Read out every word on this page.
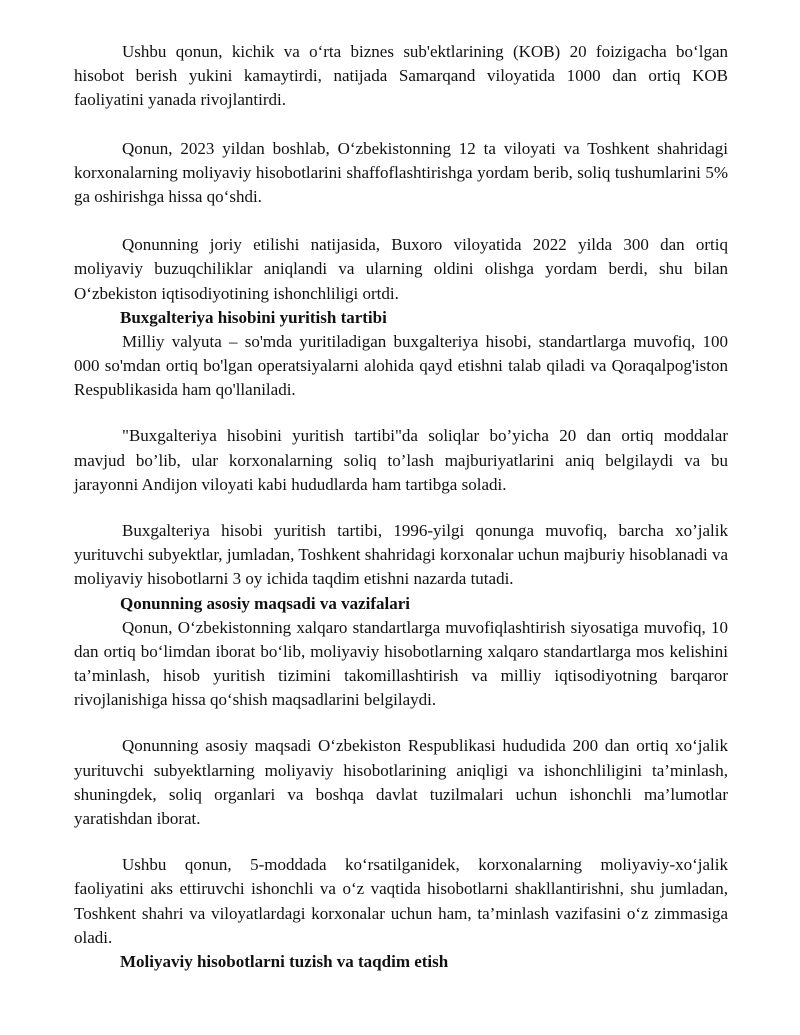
Ushbu qonun, kichik va o‘rta biznes sub'ektlarining (KOB) 20 foizigacha bo‘lgan hisobot berish yukini kamaytirdi, natijada Samarqand viloyatida 1000 dan ortiq KOB faoliyatini yanada rivojlantirdi.

Qonun, 2023 yildan boshlab, O‘zbekistonning 12 ta viloyati va Toshkent shahridagi korxonalarning moliyaviy hisobotlarini shaffoflashtirishga yordam berib, soliq tushumlarini 5% ga oshirishga hissa qo‘shdi.

Qonunning joriy etilishi natijasida, Buxoro viloyatida 2022 yilda 300 dan ortiq moliyaviy buzuqchiliklar aniqlandi va ularning oldini olishga yordam berdi, shu bilan O‘zbekiston iqtisodiyotining ishonchliligi ortdi.

Buxgalteriya hisobini yuritish tartibi

Milliy valyuta – so'mda yuritiladigan buxgalteriya hisobi, standartlarga muvofiq, 100 000 so'mdan ortiq bo'lgan operatsiyalarni alohida qayd etishni talab qiladi va Qoraqalpog'iston Respublikasida ham qo'llaniladi.

"Buxgalteriya hisobini yuritish tartibi"da soliqlar bo’yicha 20 dan ortiq moddalar mavjud bo’lib, ular korxonalarning soliq to’lash majburiyatlarini aniq belgilaydi va bu jarayonni Andijon viloyati kabi hududlarda ham tartibga soladi.

Buxgalteriya hisobi yuritish tartibi, 1996-yilgi qonunga muvofiq, barcha xo’jalik yurituvchi subyektlar, jumladan, Toshkent shahridagi korxonalar uchun majburiy hisoblanadi va moliyaviy hisobotlarni 3 oy ichida taqdim etishni nazarda tutadi.

Qonunning asosiy maqsadi va vazifalari

Qonun, O‘zbekistonning xalqaro standartlarga muvofiqlashtirish siyosatiga muvofiq, 10 dan ortiq bo‘limdan iborat bo‘lib, moliyaviy hisobotlarning xalqaro standartlarga mos kelishini ta’minlash, hisob yuritish tizimini takomillashtirish va milliy iqtisodiyotning barqaror rivojlanishiga hissa qo‘shish maqsadlarini belgilaydi.

Qonunning asosiy maqsadi O‘zbekiston Respublikasi hududida 200 dan ortiq xo‘jalik yurituvchi subyektlarning moliyaviy hisobotlarining aniqligi va ishonchliligini ta’minlash, shuningdek, soliq organlari va boshqa davlat tuzilmalari uchun ishonchli ma’lumotlar yaratishdan iborat.

Ushbu qonun, 5-moddada ko‘rsatilganidek, korxonalarning moliyaviy-xo‘jalik faoliyatini aks ettiruvchi ishonchli va o‘z vaqtida hisobotlarni shakllantirishni, shu jumladan, Toshkent shahri va viloyatlardagi korxonalar uchun ham, ta’minlash vazifasini o‘z zimmasiga oladi.

Moliyaviy hisobotlarni tuzish va taqdim etish
